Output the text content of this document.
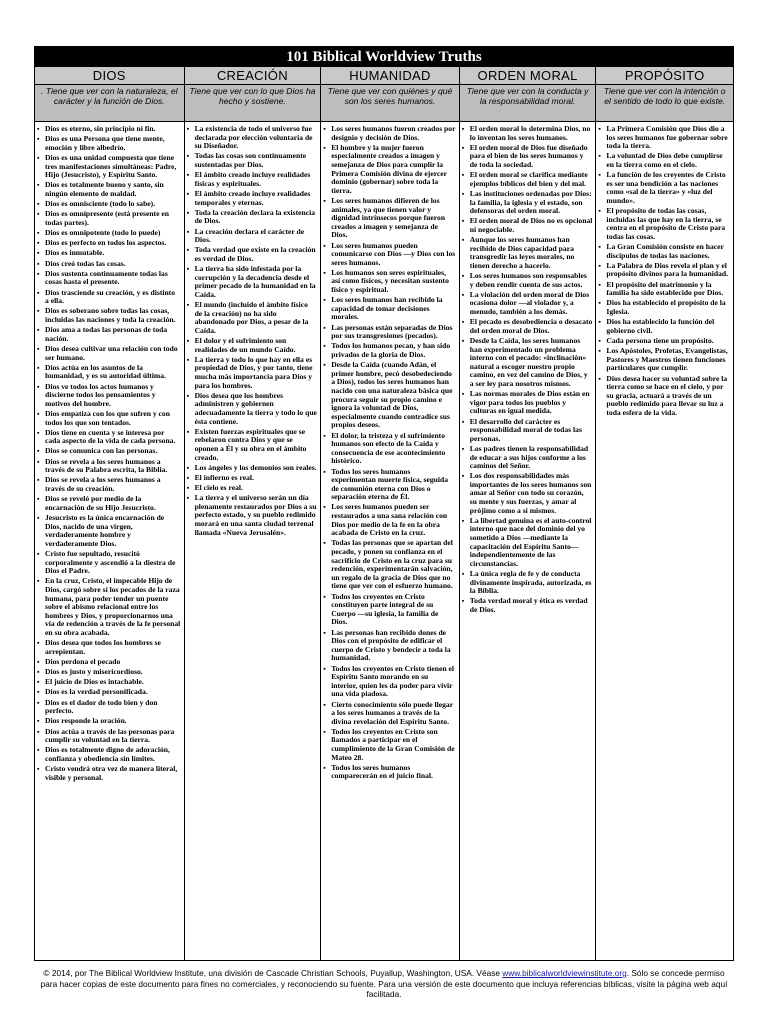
101 Biblical Worldview Truths
DIOS
. Tiene que ver con la naturaleza, el carácter y la función de Dios.
▪ Dios es eterno, sin principio ni fin.
▪ Dios es una Persona que tiene mente, emoción y libre albedrío.
▪ Dios es una unidad compuesta que tiene tres manifestaciones simultáneas: Padre, Hijo (Jesucristo), y Espíritu Santo.
▪ Dios es totalmente bueno y santo, sin ningún elemento de maldad.
▪ Dios es omnisciente (todo lo sabe).
▪ Dios es omnipresente (está presente en todas partes).
▪ Dios es omnipotente (todo lo puede)
▪ Dios es perfecto en todos los aspectos.
▪ Dios es inmutable.
▪ Dios creó todas las cosas.
▪ Dios sustenta continuamente todas las cosas hasta el presente.
▪ Dios trasciende su creación, y es distinto a ella.
▪ Dios es soberano sobre todas las cosas, incluidas las naciones y toda la creación.
▪ Dios ama a todas las personas de toda nación.
▪ Dios desea cultivar una relación con todo ser humano.
▪ Dios actúa en los asuntos de la humanidad, y es su autoridad última.
▪ Dios ve todos los actos humanos y discierne todos los pensamientos y motivos del hombre.
▪ Dios empatiza con los que sufren y con todos los que son tentados.
▪ Dios tiene en cuenta y se interesa por cada aspecto de la vida de cada persona.
▪ Dios se comunica con las personas.
▪ Dios se revela a los seres humanos a través de su Palabra escrita, la Biblia.
▪ Dios se revela a los seres humanos a través de su creación.
▪ Dios se reveló por medio de la encarnación de su Hijo Jesucristo.
▪ Jesucristo es la única encarnación de Dios, nacido de una virgen, verdaderamente hombre y verdaderamente Dios.
▪ Cristo fue sepultado, resucitó corporalmente y ascendió a la diestra de Dios el Padre.
▪ En la cruz, Cristo, el impecable Hijo de Dios, cargó sobre sí los pecados de la raza humana, para poder tender un puente sobre el abismo relacional entre los hombres y Dios, y proporcionarnos una vía de redención a través de la fe personal en su obra acabada.
▪ Dios desea que todos los hombres se arrepientan.
▪ Dios perdona el pecado
▪ Dios es justo y misericordioso.
▪ El juicio de Dios es intachable.
▪ Dios es la verdad personificada.
▪ Dios es el dador de todo bien y don perfecto.
▪ Dios responde la oración.
▪ Dios actúa a través de las personas para cumplir su voluntad en la tierra.
▪ Dios es totalmente digno de adoración, confianza y obediencia sin límites.
▪ Cristo vendrá otra vez de manera literal, visible y personal.
CREACIÓN
Tiene que ver con lo que Dios ha hecho y sostiene.
▪ La existencia de todo el universo fue declarada por elección voluntaria de su Diseñador.
▪ Todas las cosas son continuamente sustentadas por Dios.
▪ El ámbito creado incluye realidades físicas y espirituales.
▪ El ámbito creado incluye realidades temporales y eternas.
▪ Toda la creación declara la existencia de Dios.
▪ La creación declara el carácter de Dios.
▪ Toda verdad que existe en la creación es verdad de Dios.
▪ La tierra ha sido infestada por la corrupción y la decadencia desde el primer pecado de la humanidad en la Caída.
▪ El mundo (incluido el ámbito físico de la creación) no ha sido abandonado por Dios, a pesar de la Caída.
▪ El dolor y el sufrimiento son realidades de un mundo Caído.
▪ La tierra y todo lo que hay en ella es propiedad de Dios, y por tanto, tiene mucha más importancia para Dios y para los hombres.
▪ Dios desea que los hombres administren y gobiernen adecuadamente la tierra y todo lo que ésta contiene.
▪ Existen fuerzas espirituales que se rebelaron contra Dios y que se oponen a Él y su obra en el ámbito creado.
▪ Los ángeles y los demonios son reales.
▪ El infierno es real.
▪ El cielo es real.
▪ La tierra y el universo serán un día plenamente restaurados por Dios a su perfecto estado, y su pueblo redimido morará en una santa ciudad terrenal llamada «Nueva Jerusalén».
HUMANIDAD
Tiene que ver con quiénes y qué son los seres humanos.
▪ Los seres humanos fueron creados por designio y decisión de Dios.
▪ El hombre y la mujer fueron especialmente creados a imagen y semejanza de Dios para cumplir la Primera Comisión divina de ejercer dominio (gobernar) sobre toda la tierra.
▪ Los seres humanos difieren de los animales, ya que tienen valor y dignidad intrínsecos porque fueron creados a imagen y semejanza de Dios.
▪ Los seres humanos pueden comunicarse con Dios —y Dios con los seres humanos.
▪ Los humanos son seres espirituales, así como físicos, y necesitan sustento físico y espiritual.
▪ Los seres humanos han recibido la capacidad de tomar decisiones morales.
▪ Las personas están separadas de Dios por sus transgresiones (pecados).
▪ Todos los humanos pecan, y han sido privados de la gloria de Dios.
▪ Desde la Caída (cuando Adán, el primer hombre, pecó desobedeciendo a Dios), todos los seres humanos han nacido con una naturaleza básica que procura seguir su propio camino e ignora la voluntad de Dios, especialmente cuando contradice sus propios deseos.
▪ El dolor, la tristeza y el sufrimiento humanos son efecto de la Caída y consecuencia de ese acontecimiento histórico.
▪ Todos los seres humanos experimentan muerte física, seguida de comunión eterna con Dios o separación eterna de Él.
▪ Los seres humanos pueden ser restaurados a una sana relación con Dios por medio de la fe en la obra acabada de Cristo en la cruz.
▪ Todas las personas que se apartan del pecado, y ponen su confianza en el sacrificio de Cristo en la cruz para su redención, experimentarán salvación, un regalo de la gracia de Dios que no tiene que ver con el esfuerzo humano.
▪ Todos los creyentes en Cristo constituyen parte integral de su Cuerpo —su iglesia, la familia de Dios.
▪ Las personas han recibido dones de Dios con el propósito de edificar el cuerpo de Cristo y bendecir a toda la humanidad.
▪ Todos los creyentes en Cristo tienen el Espíritu Santo morando en su interior, quien les da poder para vivir una vida piadosa.
▪ Cierto conocimiento sólo puede llegar a los seres humanos a través de la divina revelación del Espíritu Santo.
▪ Todos los creyentes en Cristo son llamados a participar en el cumplimiento de la Gran Comisión de Mateo 28.
▪ Todos los seres humanos comparecerán en el juicio final.
ORDEN MORAL
Tiene que ver con la conducta y la responsabilidad moral.
▪ El orden moral lo determina Dios, no lo inventan los seres humanos.
▪ El orden moral de Dios fue diseñado para el bien de los seres humanos y de toda la sociedad.
▪ El orden moral se clarifica mediante ejemplos bíblicos del bien y del mal.
▪ Las instituciones ordenadas por Dios: la familia, la iglesia y el estado, son defensoras del orden moral.
▪ El orden moral de Dios no es opcional ni negociable.
▪ Aunque los seres humanos han recibido de Dios capacidad para transgredir las leyes morales, no tienen derecho a hacerlo.
▪ Los seres humanos son responsables y deben rendir cuenta de sus actos.
▪ La violación del orden moral de Dios ocasiona dolor —al violador y, a menudo, también a los demás.
▪ El pecado es desobediencia o desacato del orden moral de Dios.
▪ Desde la Caída, los seres humanos han experimentado un problema interno con el pecado: «inclinación» natural a escoger nuestro propio camino, en vez del camino de Dios, y a ser ley para nosotros mismos.
▪ Las normas morales de Dios están en vigor para todos los pueblos y culturas en igual medida.
▪ El desarrollo del carácter es responsabilidad moral de todas las personas.
▪ Los padres tienen la responsabilidad de educar a sus hijos conforme a los caminos del Señor.
▪ Los dos responsabilidades más importantes de los seres humanos son amar al Señor con todo su corazón, su mente y sus fuerzas, y amar al prójimo como a sí mismos.
▪ La libertad genuina es el auto-control interno que nace del dominio del yo sometido a Dios —mediante la capacitación del Espíritu Santo— independientemente de las circunstancias.
▪ La única regla de fe y de conducta divinamente inspirada, autorizada, es la Biblia.
▪ Toda verdad moral y ética es verdad de Dios.
PROPÓSITO
Tiene que ver con la intención o el sentido de todo lo que existe.
▪ La Primera Comisión que Dios dio a los seres humanos fue gobernar sobre toda la tierra.
▪ La voluntad de Dios debe cumplirse en la tierra como en el cielo.
▪ La función de los creyentes de Cristo es ser una bendición a las naciones como «sal de la tierra» y «luz del mundo».
▪ El propósito de todas las cosas, incluidas las que hay en la tierra, se centra en el propósito de Cristo para todas las cosas.
▪ La Gran Comisión consiste en hacer discípulos de todas las naciones.
▪ La Palabra de Dios revela el plan y el propósito divinos para la humanidad.
▪ El propósito del matrimonio y la familia ha sido establecido por Dios.
▪ Dios ha establecido el propósito de la Iglesia.
▪ Dios ha establecido la función del gobierno civil.
▪ Cada persona tiene un propósito.
▪ Los Apóstoles, Profetas, Evangelistas, Pastores y Maestros tienen funciones particulares que cumplir.
▪ Dios desea hacer su voluntad sobre la tierra como se hace en el cielo, y por su gracia, actuará a través de un pueblo redimido para llevar su luz a toda esfera de la vida.
© 2014, por The Biblical Worldview Institute, una división de Cascade Christian Schools, Puyallup, Washington, USA. Véase www.biblicalworldviewinstitute.org. Sólo se concede permiso para hacer copias de este documento para fines no comerciales, y reconociendo su fuente. Para una versión de este documento que incluya referencias bíblicas, visite la página web aquí facilitada.
